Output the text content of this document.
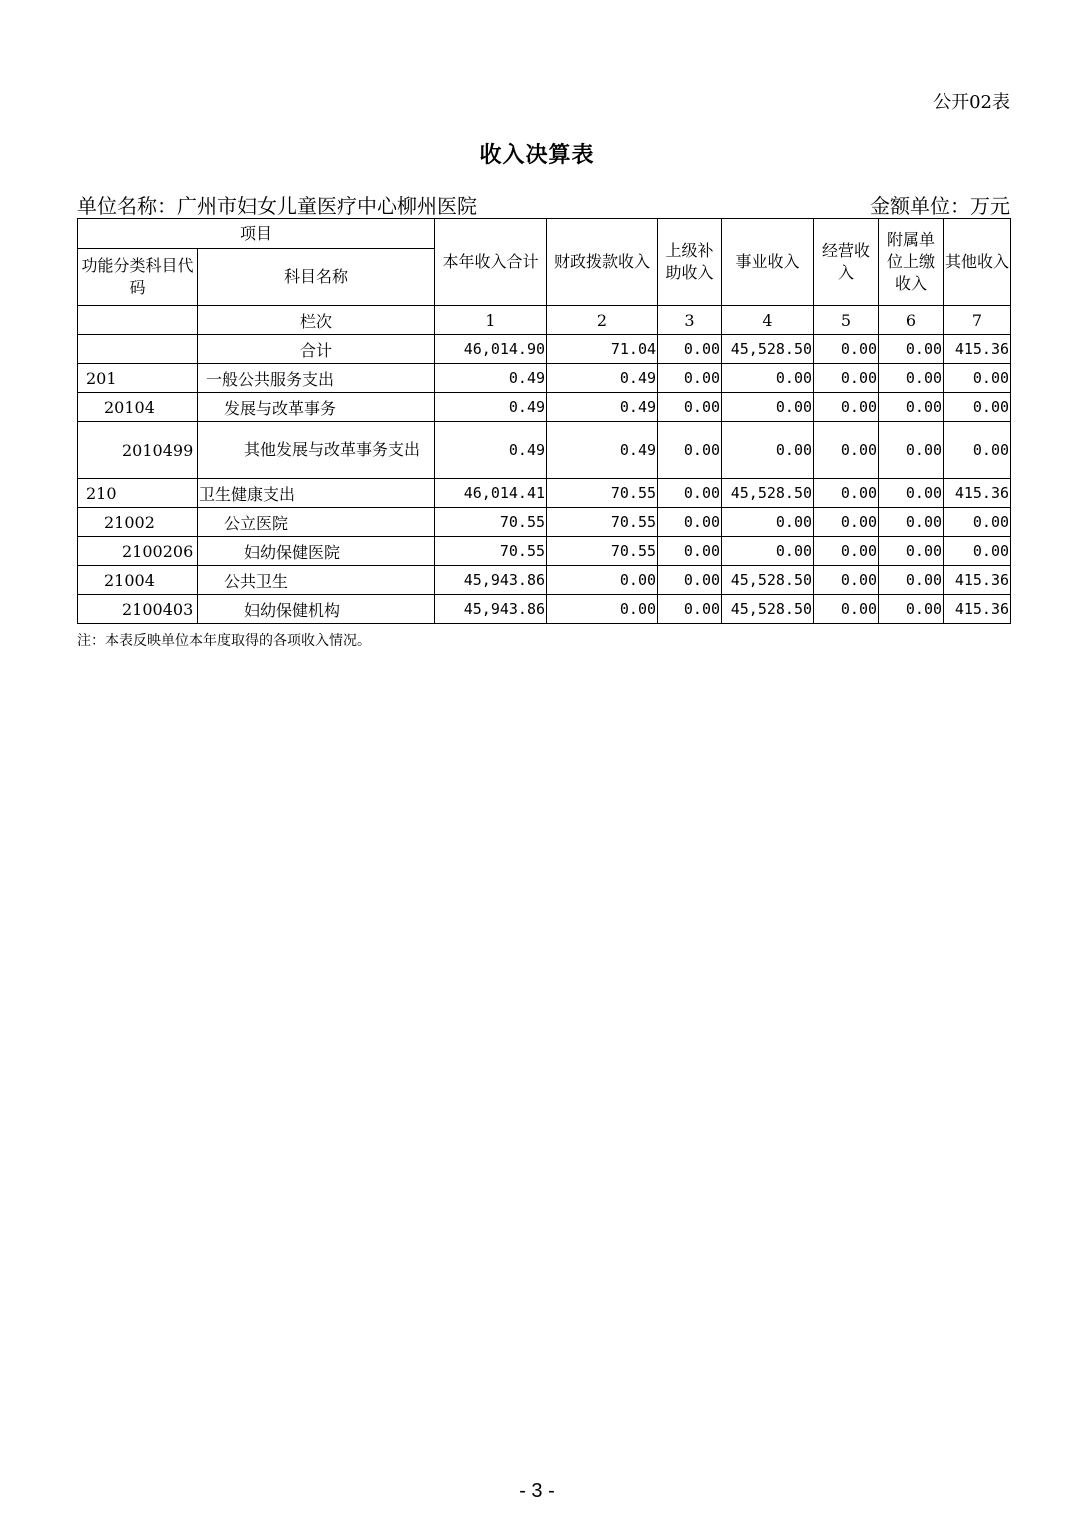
公开02表
收入决算表
单位名称：广州市妇女儿童医疗中心柳州医院	金额单位：万元
项目		本年收入合计	财政拨款收入	上级补助收入	事业收入	经营收入	附属单位上缴收入	其他收入
功能分类科目代码	科目名称							
	栏次	1	2	3	4	5	6	7
	合计	46,014.90	71.04	0.00	45,528.50	0.00	0.00	415.36
201	一般公共服务支出	0.49	0.49	0.00	0.00	0.00	0.00	0.00
20104	发展与改革事务	0.49	0.49	0.00	0.00	0.00	0.00	0.00
2010499	其他发展与改革事务支出	0.49	0.49	0.00	0.00	0.00	0.00	0.00
210	卫生健康支出	46,014.41	70.55	0.00	45,528.50	0.00	0.00	415.36
21002	公立医院	70.55	70.55	0.00	0.00	0.00	0.00	0.00
2100206	妇幼保健医院	70.55	70.55	0.00	0.00	0.00	0.00	0.00
21004	公共卫生	45,943.86	0.00	0.00	45,528.50	0.00	0.00	415.36
2100403	妇幼保健机构	45,943.86	0.00	0.00	45,528.50	0.00	0.00	415.36
注：本表反映单位本年度取得的各项收入情况。
- 3 -
